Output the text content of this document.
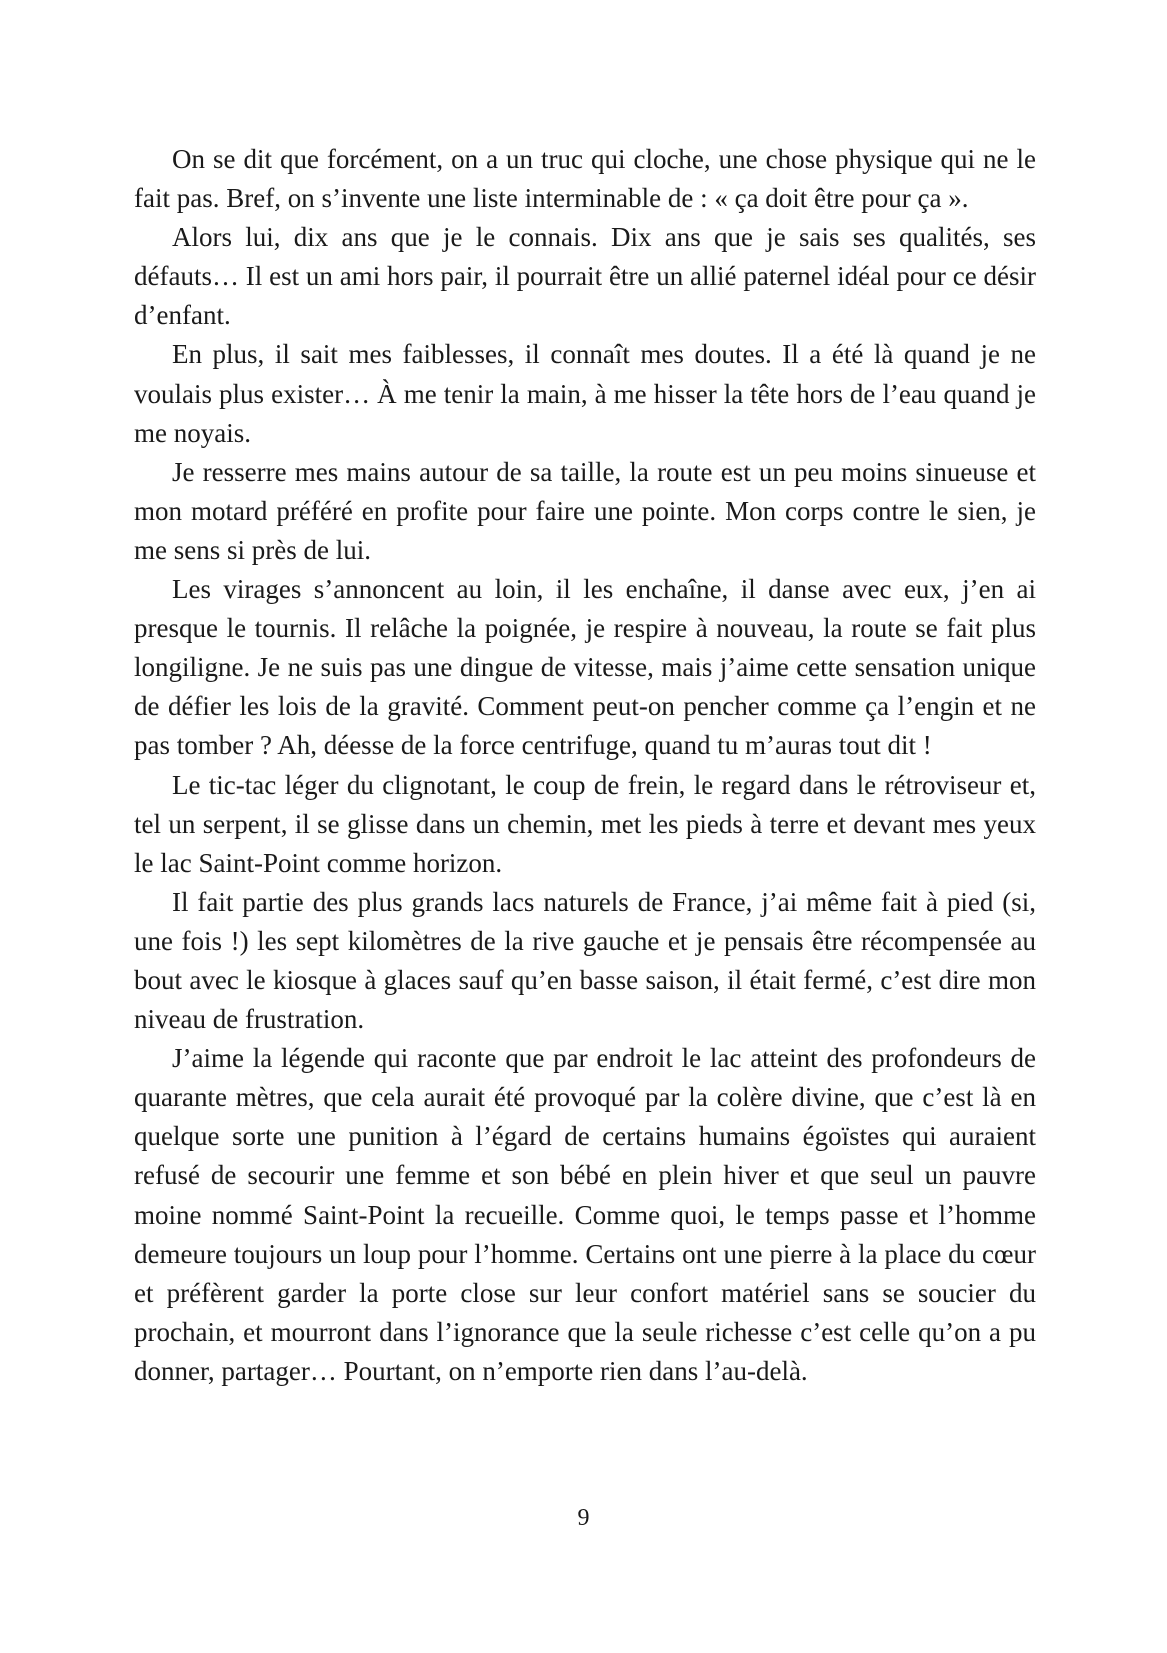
On se dit que forcément, on a un truc qui cloche, une chose physique qui ne le fait pas. Bref, on s’invente une liste interminable de : « ça doit être pour ça ».

Alors lui, dix ans que je le connais. Dix ans que je sais ses qualités, ses défauts… Il est un ami hors pair, il pourrait être un allié paternel idéal pour ce désir d’enfant.

En plus, il sait mes faiblesses, il connaît mes doutes. Il a été là quand je ne voulais plus exister… À me tenir la main, à me hisser la tête hors de l’eau quand je me noyais.

Je resserre mes mains autour de sa taille, la route est un peu moins sinueuse et mon motard préféré en profite pour faire une pointe. Mon corps contre le sien, je me sens si près de lui.

Les virages s’annoncent au loin, il les enchaîne, il danse avec eux, j’en ai presque le tournis. Il relâche la poignée, je respire à nouveau, la route se fait plus longiligne. Je ne suis pas une dingue de vitesse, mais j’aime cette sensation unique de défier les lois de la gravité. Comment peut-on pencher comme ça l’engin et ne pas tomber ? Ah, déesse de la force centrifuge, quand tu m’auras tout dit !

Le tic-tac léger du clignotant, le coup de frein, le regard dans le rétroviseur et, tel un serpent, il se glisse dans un chemin, met les pieds à terre et devant mes yeux le lac Saint-Point comme horizon.

Il fait partie des plus grands lacs naturels de France, j’ai même fait à pied (si, une fois !) les sept kilomètres de la rive gauche et je pensais être récompensée au bout avec le kiosque à glaces sauf qu’en basse saison, il était fermé, c’est dire mon niveau de frustration.

J’aime la légende qui raconte que par endroit le lac atteint des profondeurs de quarante mètres, que cela aurait été provoqué par la colère divine, que c’est là en quelque sorte une punition à l’égard de certains humains égoïstes qui auraient refusé de secourir une femme et son bébé en plein hiver et que seul un pauvre moine nommé Saint-Point la recueille. Comme quoi, le temps passe et l’homme demeure toujours un loup pour l’homme. Certains ont une pierre à la place du cœur et préfèrent garder la porte close sur leur confort matériel sans se soucier du prochain, et mourront dans l’ignorance que la seule richesse c’est celle qu’on a pu donner, partager… Pourtant, on n’emporte rien dans l’au-delà.

9
